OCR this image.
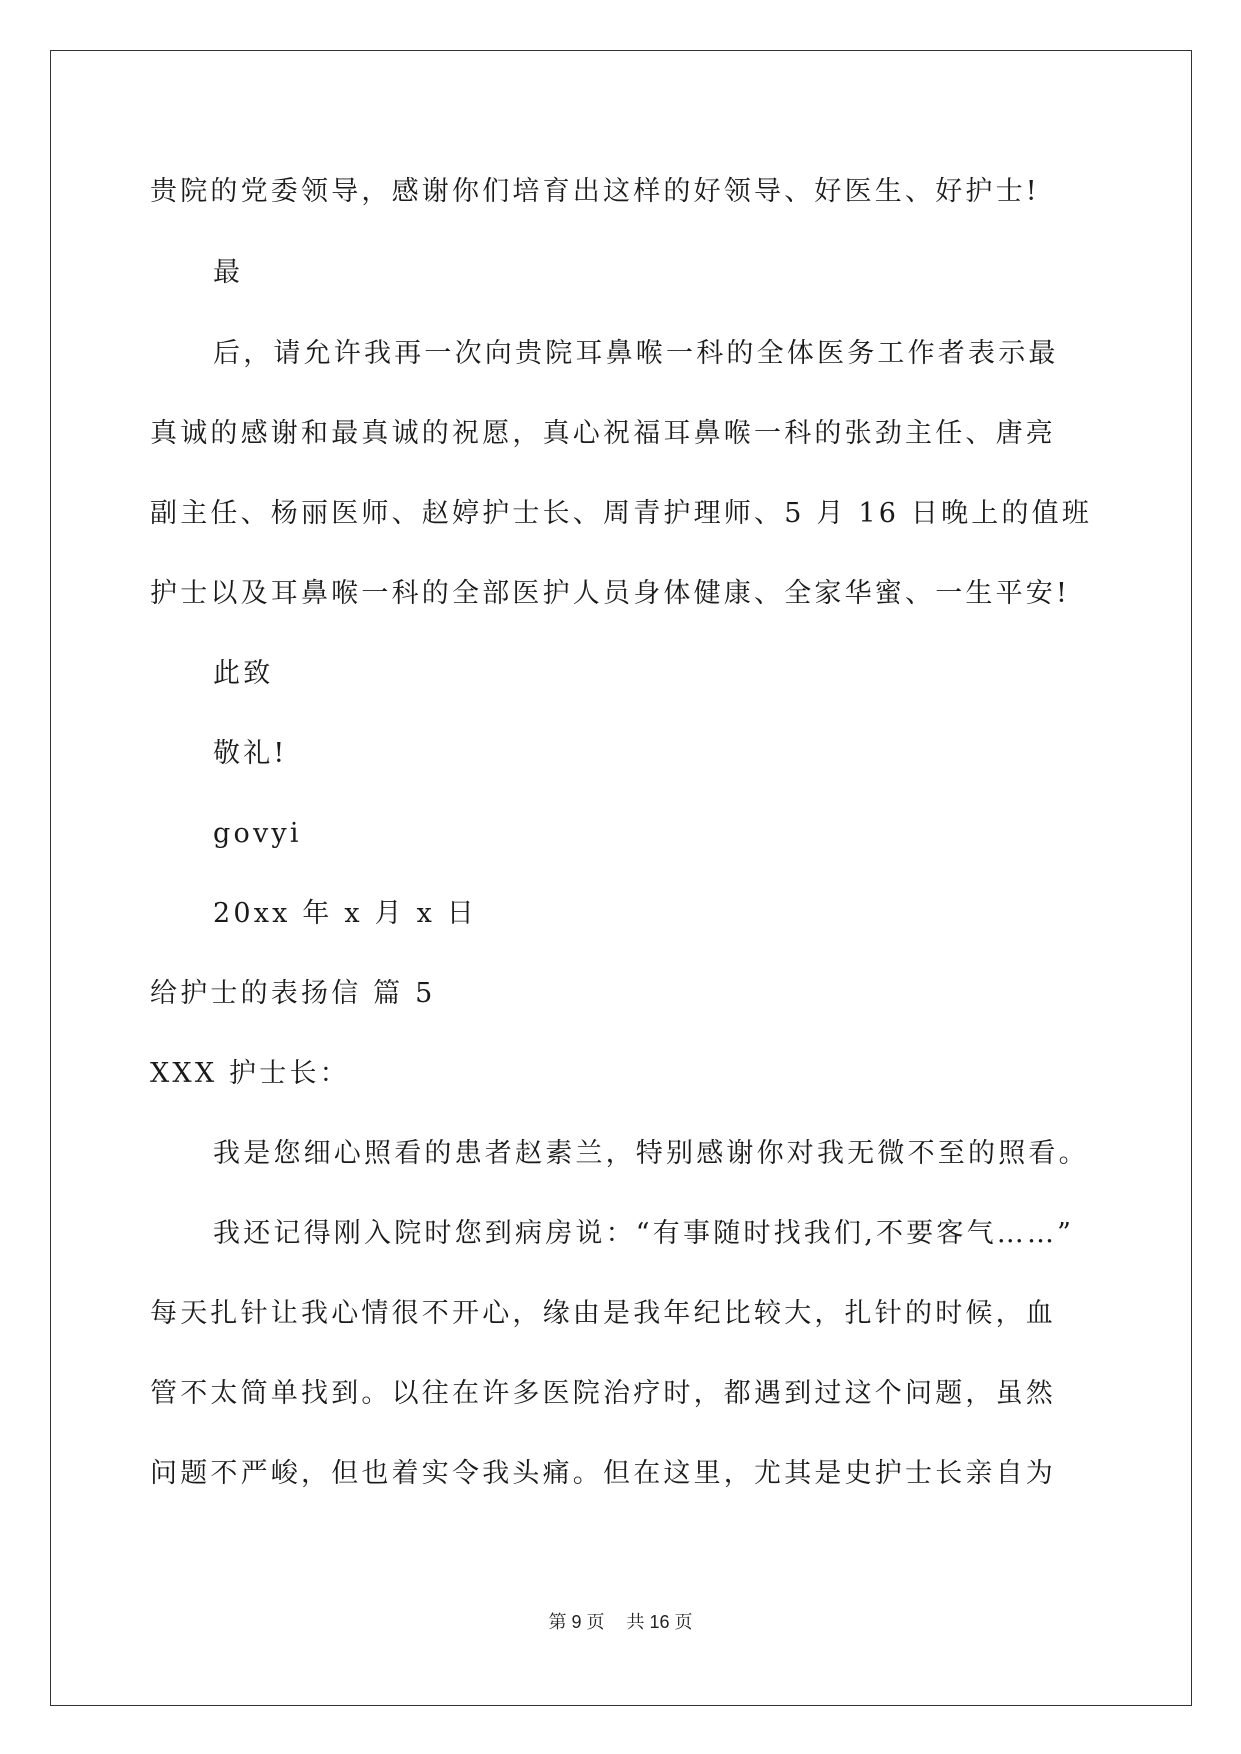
贵院的党委领导，感谢你们培育出这样的好领导、好医生、好护士!
最
后，请允许我再一次向贵院耳鼻喉一科的全体医务工作者表示最
真诚的感谢和最真诚的祝愿，真心祝福耳鼻喉一科的张劲主任、唐亮
副主任、杨丽医师、赵婷护士长、周青护理师、5 月 16 日晚上的值班
护士以及耳鼻喉一科的全部医护人员身体健康、全家华蜜、一生平安!
此致
敬礼!
govyi
20xx 年 x 月 x 日
给护士的表扬信 篇 5
XXX 护士长：
我是您细心照看的患者赵素兰，特别感谢你对我无微不至的照看。
我还记得刚入院时您到病房说：“有事随时找我们,不要客气……”
每天扎针让我心情很不开心，缘由是我年纪比较大，扎针的时候，血
管不太简单找到。以往在许多医院治疗时，都遇到过这个问题，虽然
问题不严峻，但也着实令我头痛。但在这里，尤其是史护士长亲自为
第 9 页 共 16 页
